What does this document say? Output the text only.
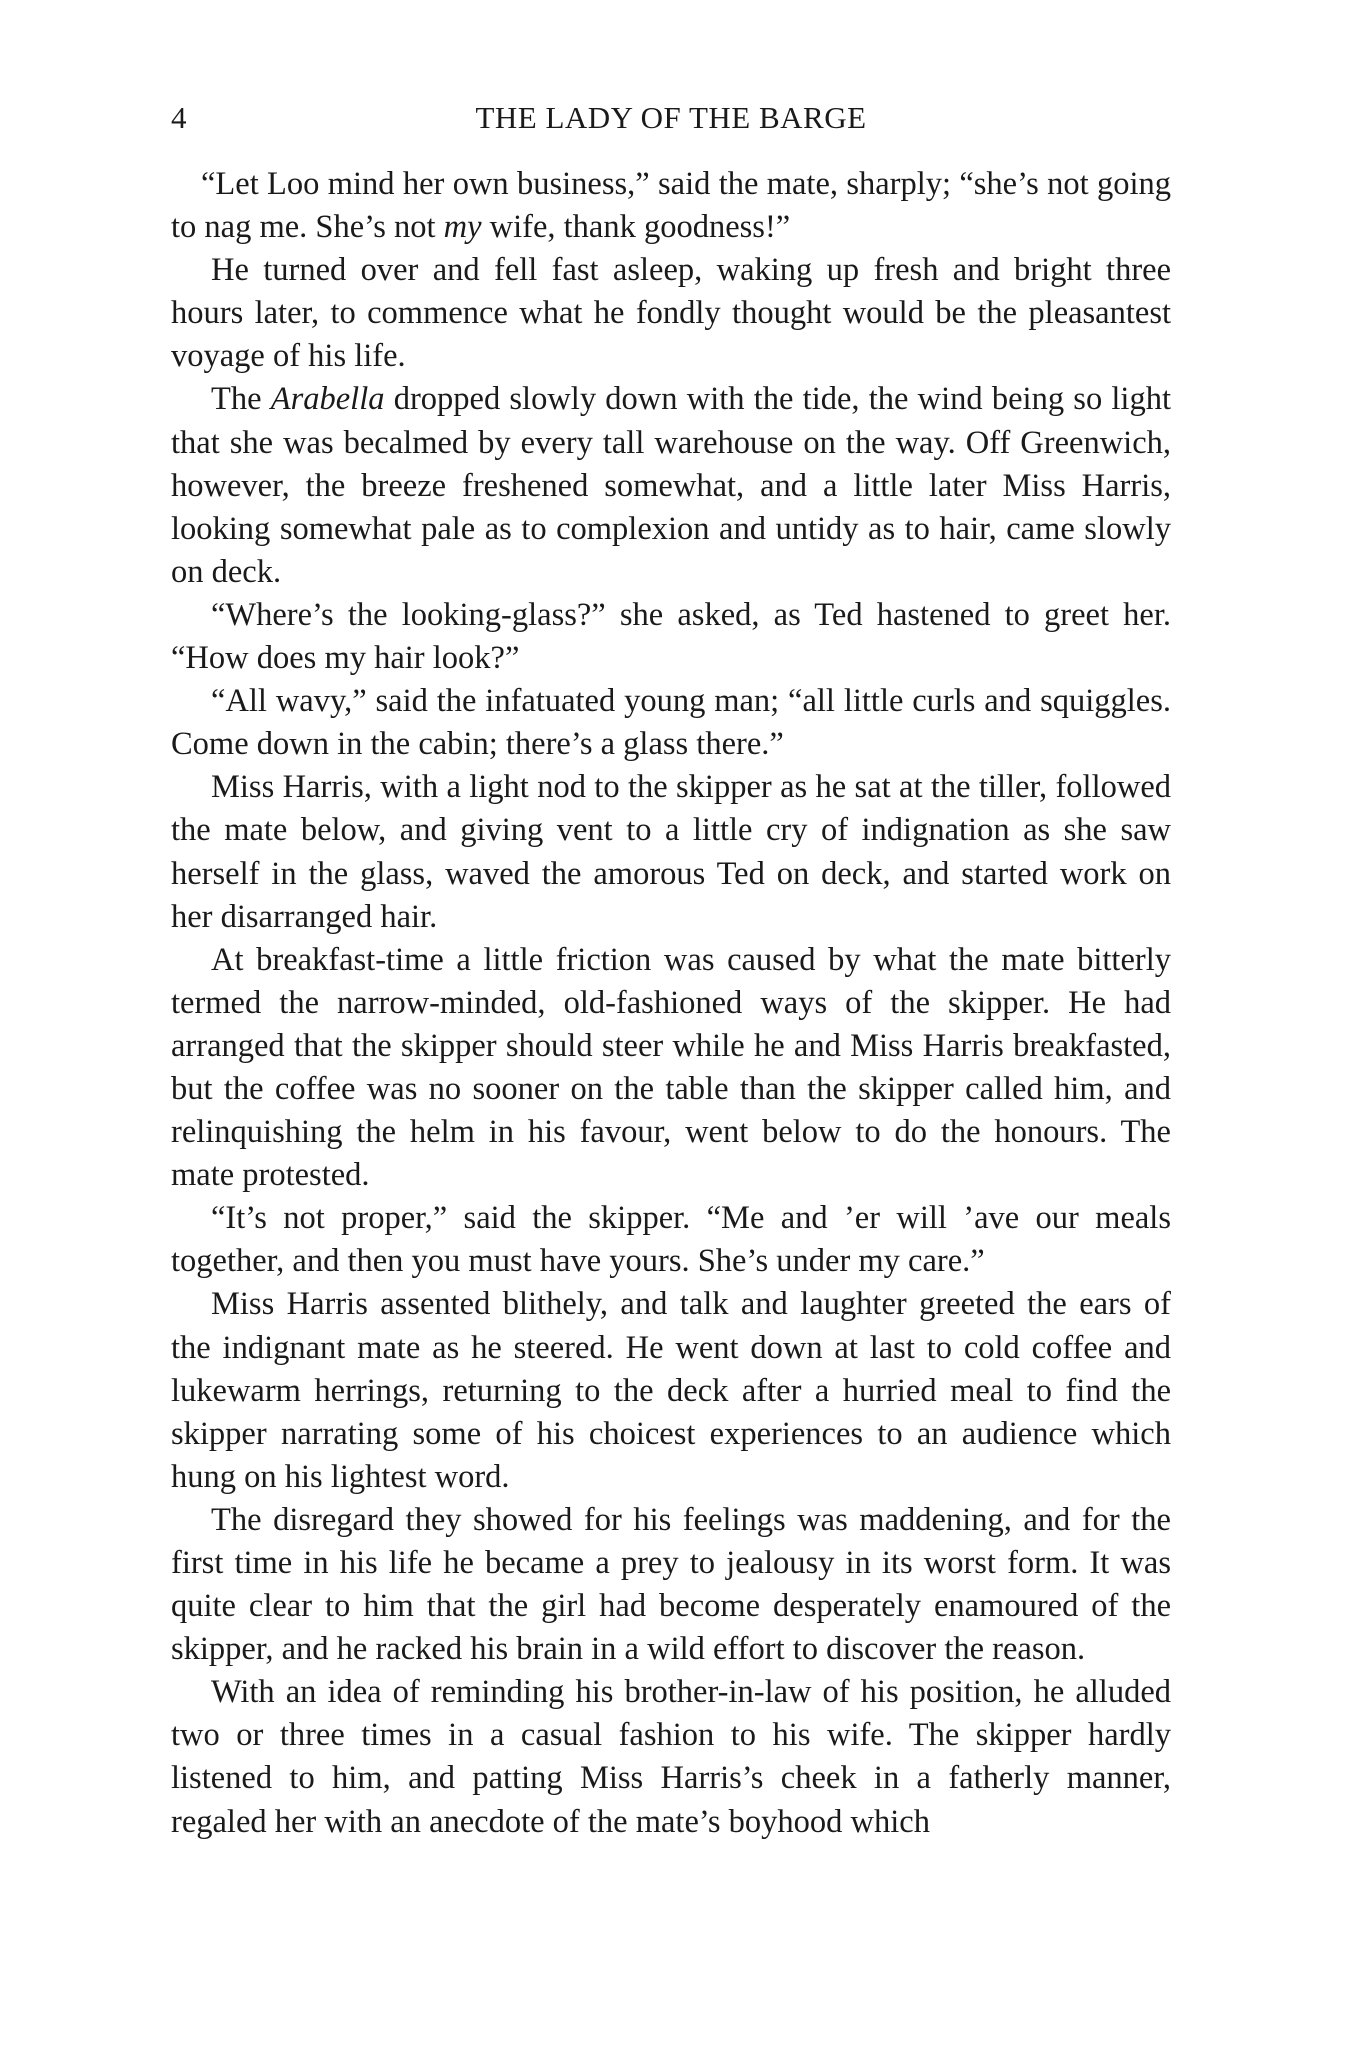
4	THE LADY OF THE BARGE

“Let Loo mind her own business,” said the mate, sharply; “she’s not going to nag me. She’s not my wife, thank goodness!”

He turned over and fell fast asleep, waking up fresh and bright three hours later, to commence what he fondly thought would be the pleasantest voyage of his life.

The Arabella dropped slowly down with the tide, the wind being so light that she was becalmed by every tall warehouse on the way. Off Greenwich, however, the breeze freshened somewhat, and a little later Miss Harris, looking somewhat pale as to complexion and untidy as to hair, came slowly on deck.

“Where’s the looking-glass?” she asked, as Ted hastened to greet her. “How does my hair look?”

“All wavy,” said the infatuated young man; “all little curls and squiggles. Come down in the cabin; there’s a glass there.”

Miss Harris, with a light nod to the skipper as he sat at the tiller, followed the mate below, and giving vent to a little cry of indignation as she saw herself in the glass, waved the amorous Ted on deck, and started work on her disarranged hair.

At breakfast-time a little friction was caused by what the mate bitterly termed the narrow-minded, old-fashioned ways of the skipper. He had arranged that the skipper should steer while he and Miss Harris breakfasted, but the coffee was no sooner on the table than the skipper called him, and relinquishing the helm in his favour, went below to do the honours. The mate protested.

“It’s not proper,” said the skipper. “Me and ’er will ’ave our meals together, and then you must have yours. She’s under my care.”

Miss Harris assented blithely, and talk and laughter greeted the ears of the indignant mate as he steered. He went down at last to cold coffee and lukewarm herrings, returning to the deck after a hurried meal to find the skipper narrating some of his choicest experiences to an audience which hung on his lightest word.

The disregard they showed for his feelings was maddening, and for the first time in his life he became a prey to jealousy in its worst form. It was quite clear to him that the girl had become desperately enamoured of the skipper, and he racked his brain in a wild effort to discover the reason.

With an idea of reminding his brother-in-law of his position, he alluded two or three times in a casual fashion to his wife. The skipper hardly listened to him, and patting Miss Harris’s cheek in a fatherly manner, regaled her with an anecdote of the mate’s boyhood which
